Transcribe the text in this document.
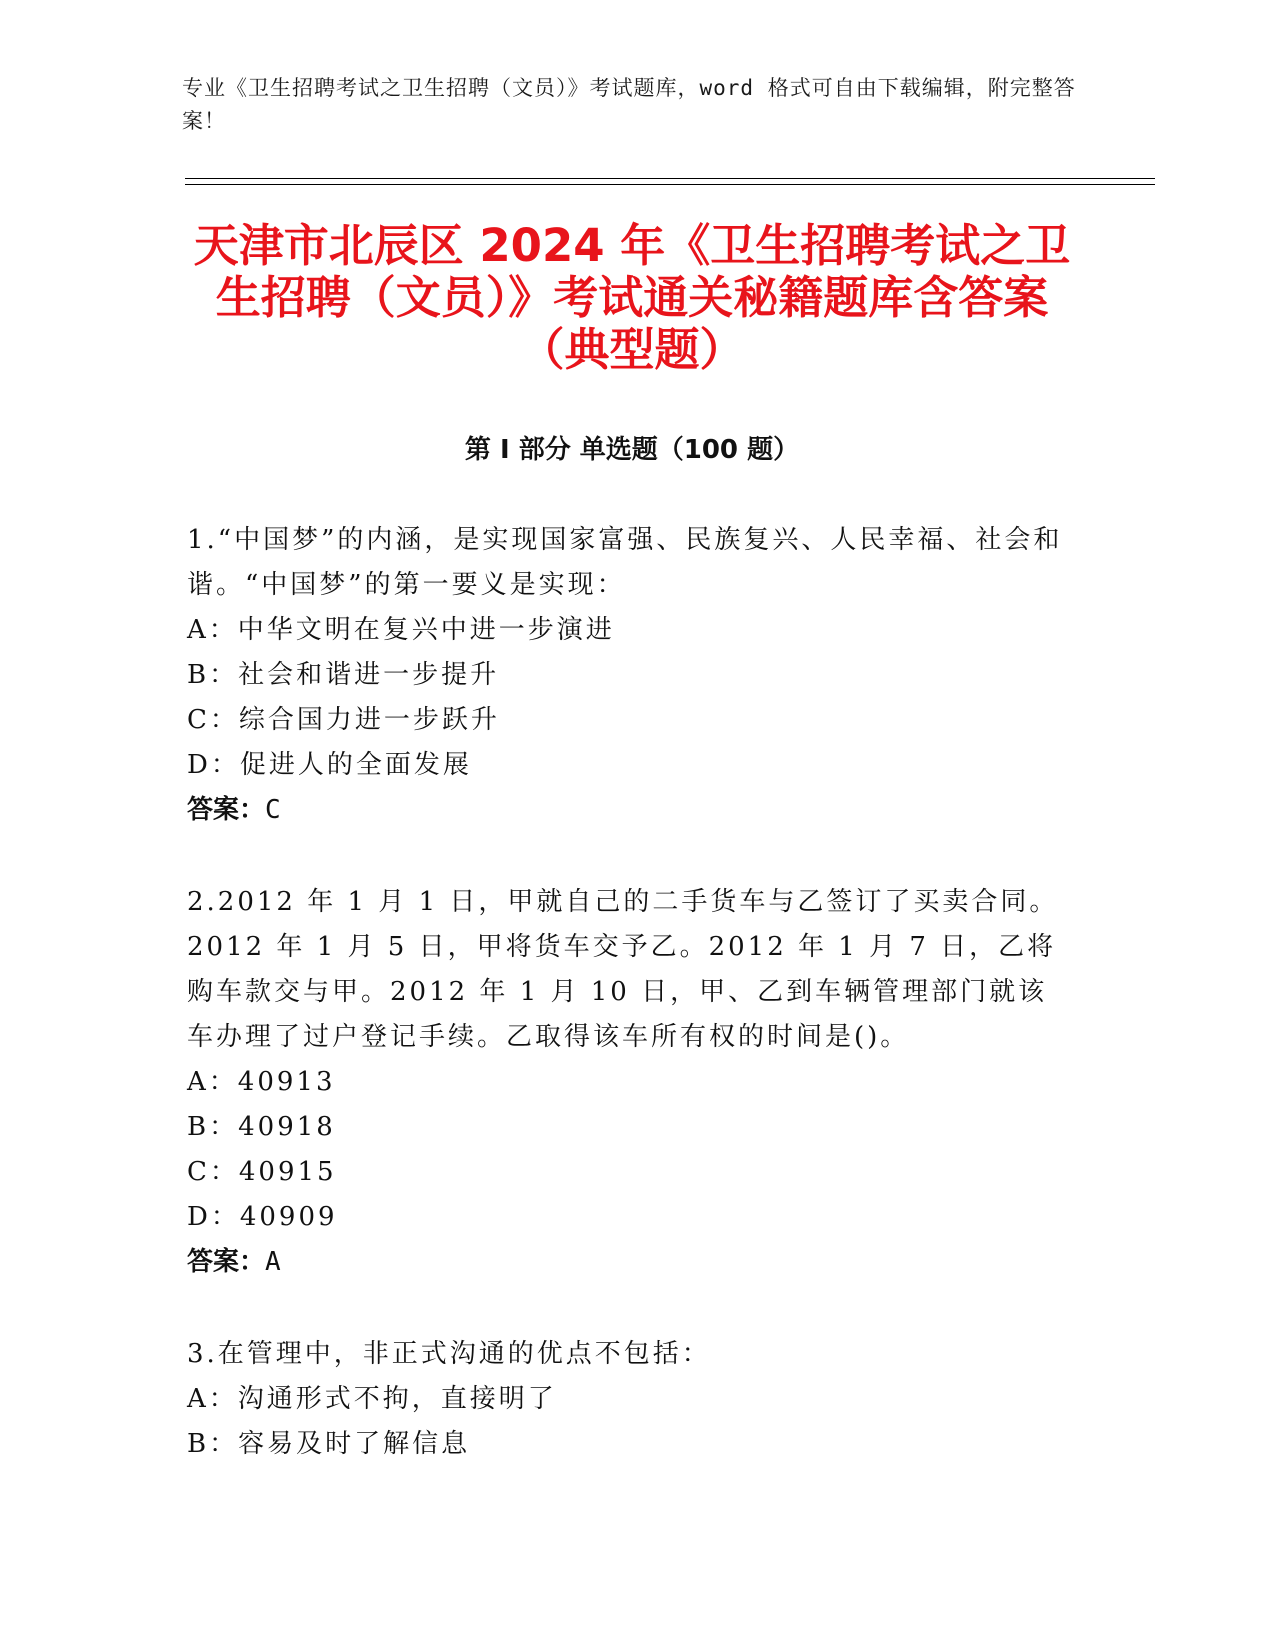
专业《卫生招聘考试之卫生招聘（文员）》考试题库，word 格式可自由下载编辑，附完整答案！
天津市北辰区 2024 年《卫生招聘考试之卫生招聘（文员）》考试通关秘籍题库含答案（典型题）
第 I 部分 单选题（100 题）
1.“中国梦”的内涵，是实现国家富强、民族复兴、人民幸福、社会和谐。“中国梦”的第一要义是实现：
A：中华文明在复兴中进一步演进
B：社会和谐进一步提升
C：综合国力进一步跃升
D：促进人的全面发展
答案：C
2.2012 年 1 月 1 日，甲就自己的二手货车与乙签订了买卖合同。2012 年 1 月 5 日，甲将货车交予乙。2012 年 1 月 7 日，乙将购车款交与甲。2012 年 1 月 10 日，甲、乙到车辆管理部门就该车办理了过户登记手续。乙取得该车所有权的时间是()。
A：40913
B：40918
C：40915
D：40909
答案：A
3.在管理中，非正式沟通的优点不包括：
A：沟通形式不拘，直接明了
B：容易及时了解信息
